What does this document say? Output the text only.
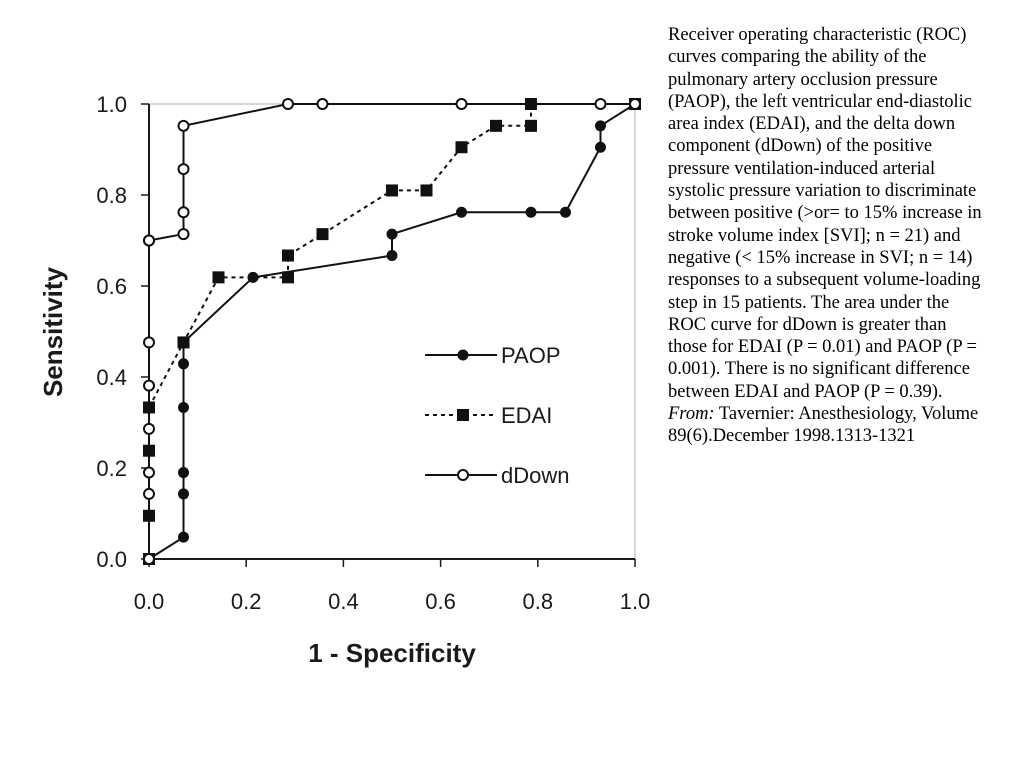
0.0	0.2	0.4	0.6	0.8	1.0
0.0
0.2
0.4
0.6
0.8
1.0
1 - Specificity
Sensitivity	PAOP
EDAI
dDown
Receiver operating characteristic (ROC) curves comparing the ability of the pulmonary artery occlusion pressure (PAOP), the left ventricular end-diastolic area index (EDAI), and the delta down component (dDown) of the positive pressure ventilation-induced arterial systolic pressure variation to discriminate between positive (>or= to 15% increase in stroke volume index [SVI]; n = 21) and negative (< 15% increase in SVI; n = 14) responses to a subsequent volume-loading step in 15 patients. The area under the ROC curve for dDown is greater than those for EDAI (P = 0.01) and PAOP (P = 0.001). There is no significant difference between EDAI and PAOP (P = 0.39). From: Tavernier: Anesthesiology, Volume 89(6).December 1998.1313-1321
